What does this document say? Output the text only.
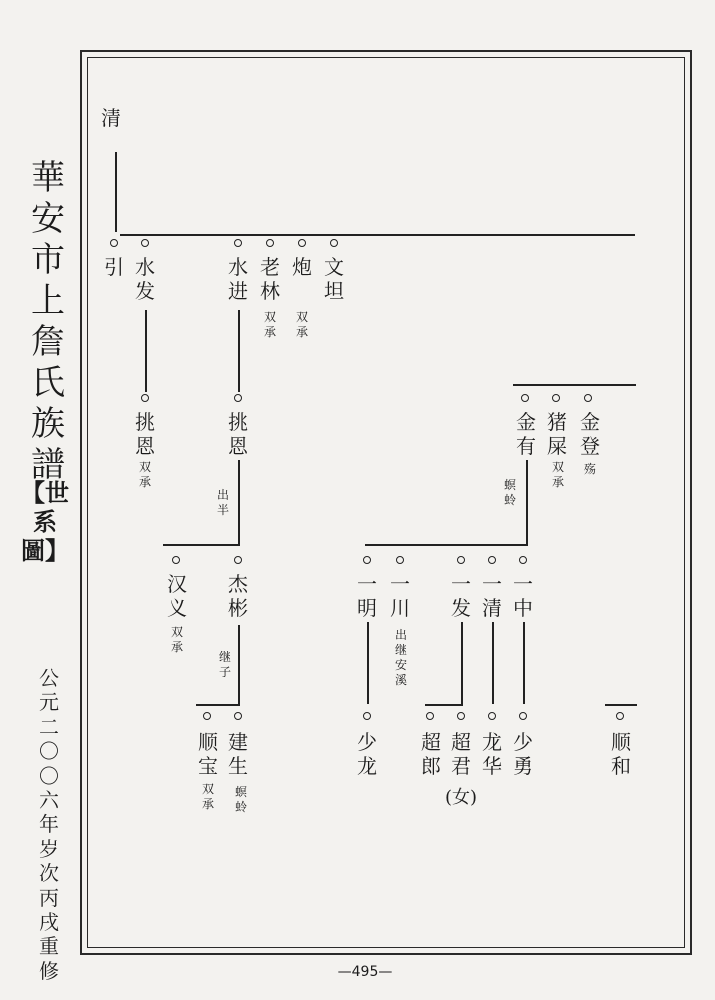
華安市上詹氏族譜
【世系圖】
公元二〇〇六年岁次丙戌重修	—495—
清
引 水发
水进
老林
双承
炮
双承
文坦
挑恩
双承
挑恩
出半
金有
螟蛉
猪屎
双承
金登
殇
汉义
双承
杰彬
继子
一明
一川
出继安溪
一发
一清
一中
顺宝
双承
建生
螟蛉
少龙
超郎
超君
(女)
龙华
少勇
顺和
